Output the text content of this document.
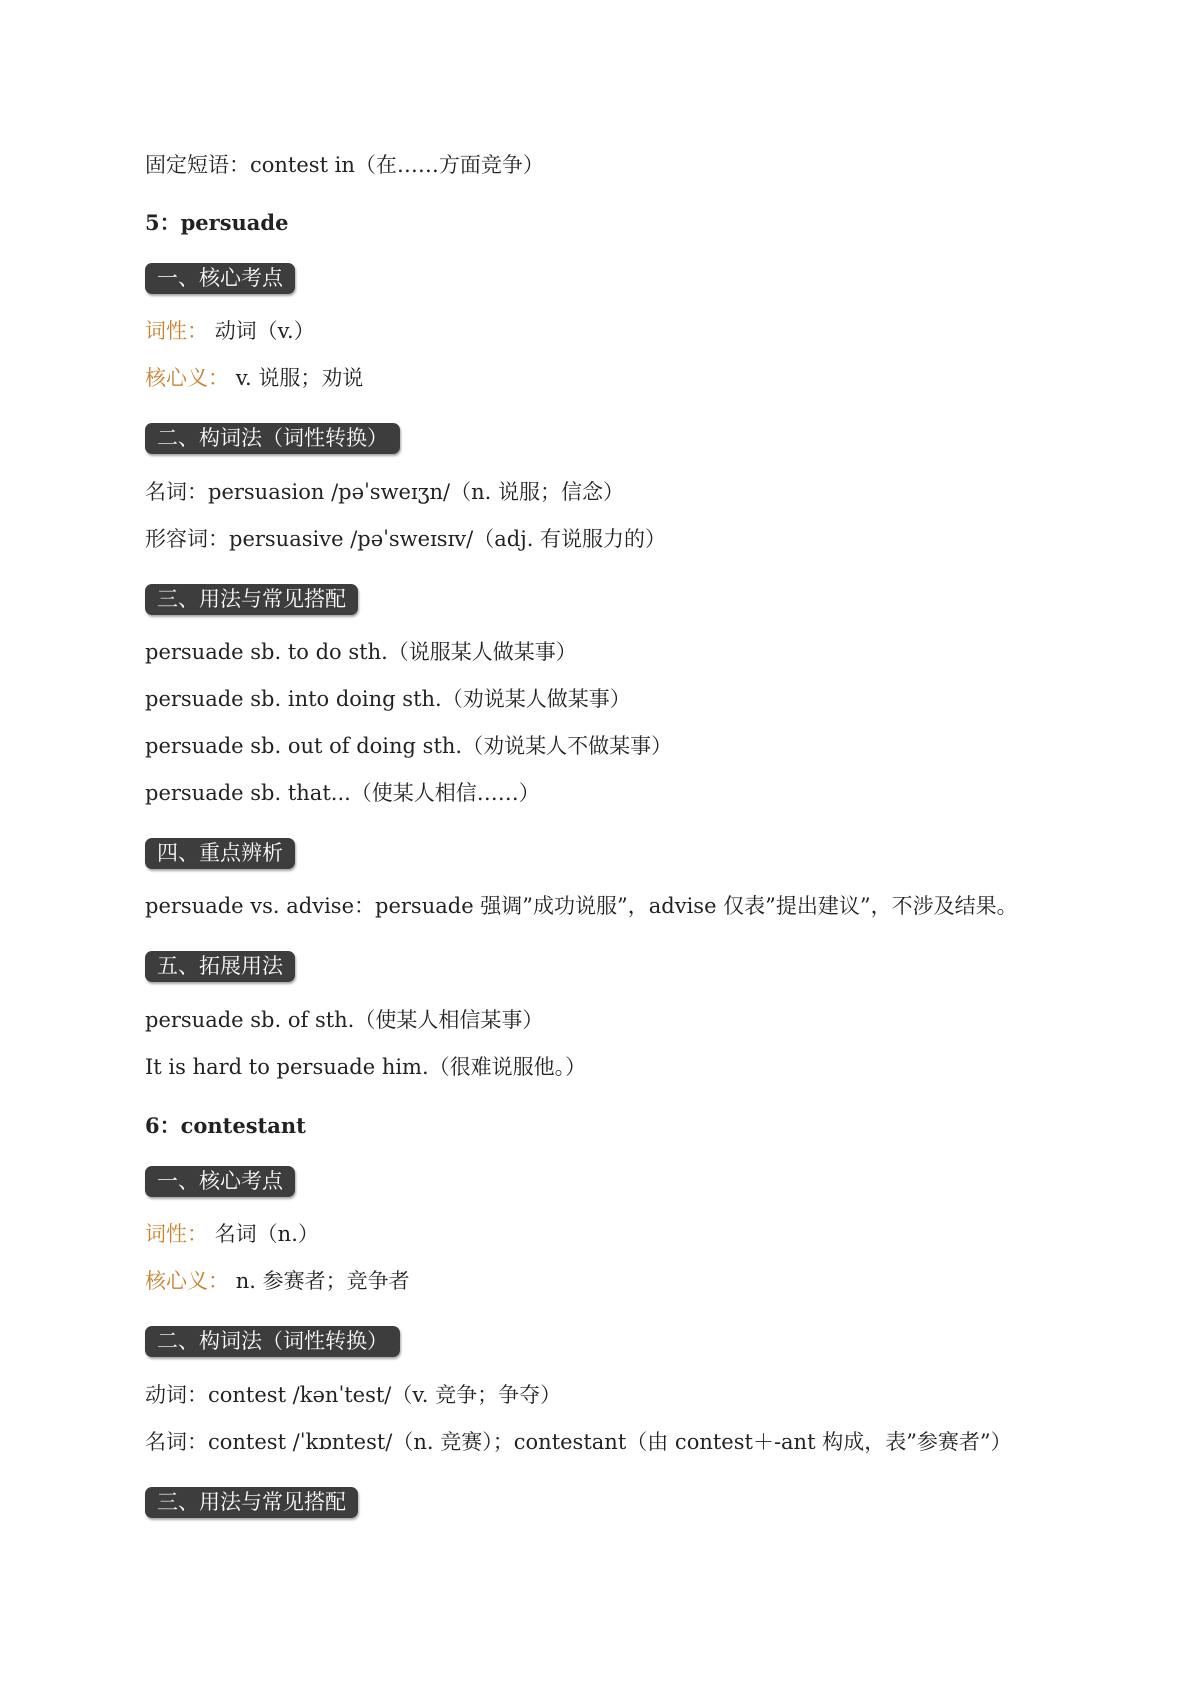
固定短语：contest in（在……方面竞争）
5：persuade
一、核心考点
词性： 动词（v.）
核心义： v. 说服；劝说
二、构词法（词性转换）
名词：persuasion /pəˈsweɪʒn/（n. 说服；信念）
形容词：persuasive /pəˈsweɪsɪv/（adj. 有说服力的）
三、用法与常见搭配
persuade sb. to do sth.（说服某人做某事）
persuade sb. into doing sth.（劝说某人做某事）
persuade sb. out of doing sth.（劝说某人不做某事）
persuade sb. that...（使某人相信……）
四、重点辨析
persuade vs. advise：persuade 强调”成功说服”，advise 仅表”提出建议”，不涉及结果。
五、拓展用法
persuade sb. of sth.（使某人相信某事）
It is hard to persuade him.（很难说服他。）
6：contestant
一、核心考点
词性： 名词（n.）
核心义： n. 参赛者；竞争者
二、构词法（词性转换）
动词：contest /kənˈtest/（v. 竞争；争夺）
名词：contest /ˈkɒntest/（n. 竞赛）；contestant（由 contest＋-ant 构成，表”参赛者”）
三、用法与常见搭配
